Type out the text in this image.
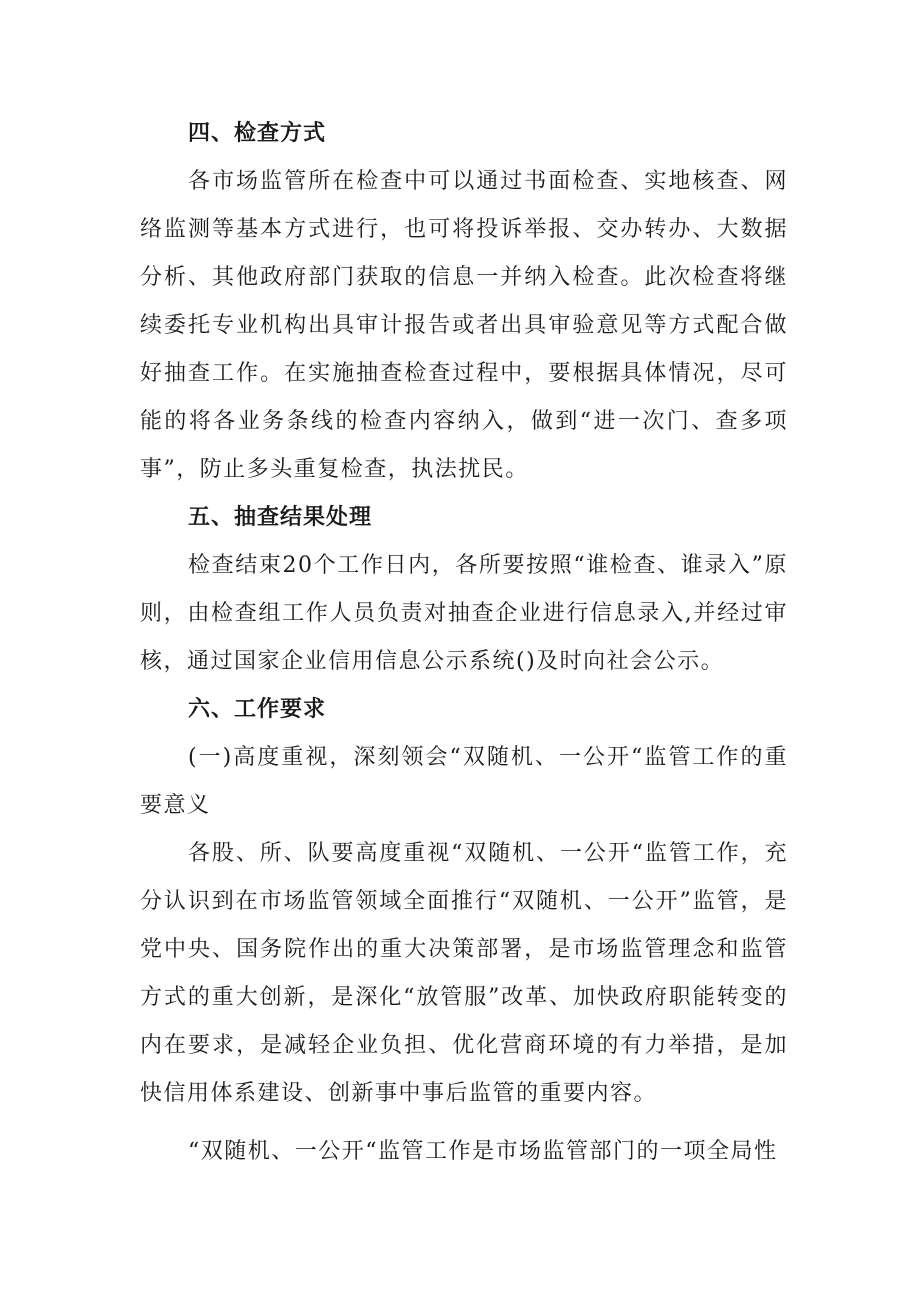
四、检查方式

各市场监管所在检查中可以通过书面检查、实地核查、网络监测等基本方式进行，也可将投诉举报、交办转办、大数据分析、其他政府部门获取的信息一并纳入检查。此次检查将继续委托专业机构出具审计报告或者出具审验意见等方式配合做好抽查工作。在实施抽查检查过程中，要根据具体情况，尽可能的将各业务条线的检查内容纳入，做到“进一次门、查多项事”，防止多头重复检查，执法扰民。

五、抽查结果处理

检查结束20个工作日内，各所要按照“谁检查、谁录入”原则，由检查组工作人员负责对抽查企业进行信息录入,并经过审核，通过国家企业信用信息公示系统()及时向社会公示。

六、工作要求

(一)高度重视，深刻领会“双随机、一公开“监管工作的重要意义

各股、所、队要高度重视“双随机、一公开“监管工作，充分认识到在市场监管领域全面推行“双随机、一公开”监管，是党中央、国务院作出的重大决策部署，是市场监管理念和监管方式的重大创新，是深化“放管服”改革、加快政府职能转变的内在要求，是减轻企业负担、优化营商环境的有力举措，是加快信用体系建设、创新事中事后监管的重要内容。

“双随机、一公开“监管工作是市场监管部门的一项全局性
